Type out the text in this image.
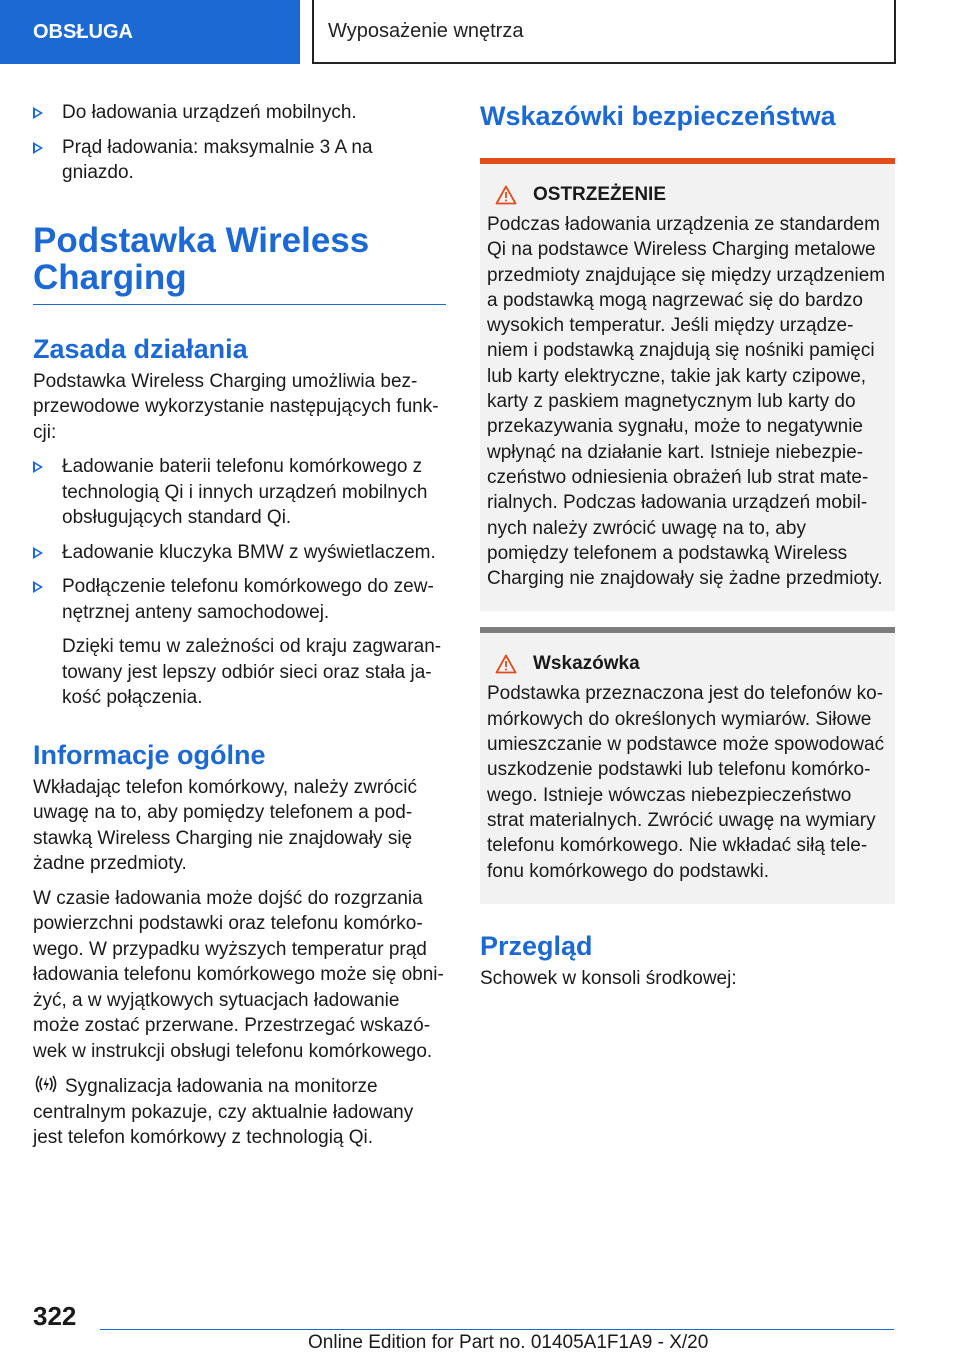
OBSŁUGA	Wyposażenie wnętrza
Do ładowania urządzeń mobilnych.
Prąd ładowania: maksymalnie 3 A na gniazdo.
Podstawka Wireless Charging
Zasada działania

Podstawka Wireless Charging umożliwia bezprzewodowe wykorzystanie następujących funkcji:

Ładowanie baterii telefonu komórkowego z technologią Qi i innych urządzeń mobilnych obsługujących standard Qi.
Ładowanie kluczyka BMW z wyświetlaczem.
Podłączenie telefonu komórkowego do zewnętrznej anteny samochodowej.

Dzięki temu w zależności od kraju zagwarantowany jest lepszy odbiór sieci oraz stała jakość połączenia.

Informacje ogólne

Wkładając telefon komórkowy, należy zwrócić uwagę na to, aby pomiędzy telefonem a podstawką Wireless Charging nie znajdowały się żadne przedmioty.

W czasie ładowania może dojść do rozgrzania powierzchni podstawki oraz telefonu komórkowego. W przypadku wyższych temperatur prąd ładowania telefonu komórkowego może się obniżyć, a w wyjątkowych sytuacjach ładowanie może zostać przerwane. Przestrzegać wskazówek w instrukcji obsługi telefonu komórkowego.

Sygnalizacja ładowania na monitorze centralnym pokazuje, czy aktualnie ładowany jest telefon komórkowy z technologią Qi.

Wskazówki bezpieczeństwa
OSTRZEŻENIE

Podczas ładowania urządzenia ze standardem Qi na podstawce Wireless Charging metalowe przedmioty znajdujące się między urządzeniem a podstawką mogą nagrzewać się do bardzo wysokich temperatur. Jeśli między urządzeniem i podstawką znajdują się nośniki pamięci lub karty elektryczne, takie jak karty czipowe, karty z paskiem magnetycznym lub karty do przekazywania sygnału, może to negatywnie wpłynąć na działanie kart. Istnieje niebezpieczeństwo odniesienia obrażeń lub strat materialnych. Podczas ładowania urządzeń mobilnych należy zwrócić uwagę na to, aby pomiędzy telefonem a podstawką Wireless Charging nie znajdowały się żadne przedmioty.

Wskazówka

Podstawka przeznaczona jest do telefonów komórkowych do określonych wymiarów. Siłowe umieszczanie w podstawce może spowodować uszkodzenie podstawki lub telefonu komórkowego. Istnieje wówczas niebezpieczeństwo strat materialnych. Zwrócić uwagę na wymiary telefonu komórkowego. Nie wkładać siłą telefonu komórkowego do podstawki.

Przegląd

Schowek w konsoli środkowej:

322
Online Edition for Part no. 01405A1F1A9 - X/20
